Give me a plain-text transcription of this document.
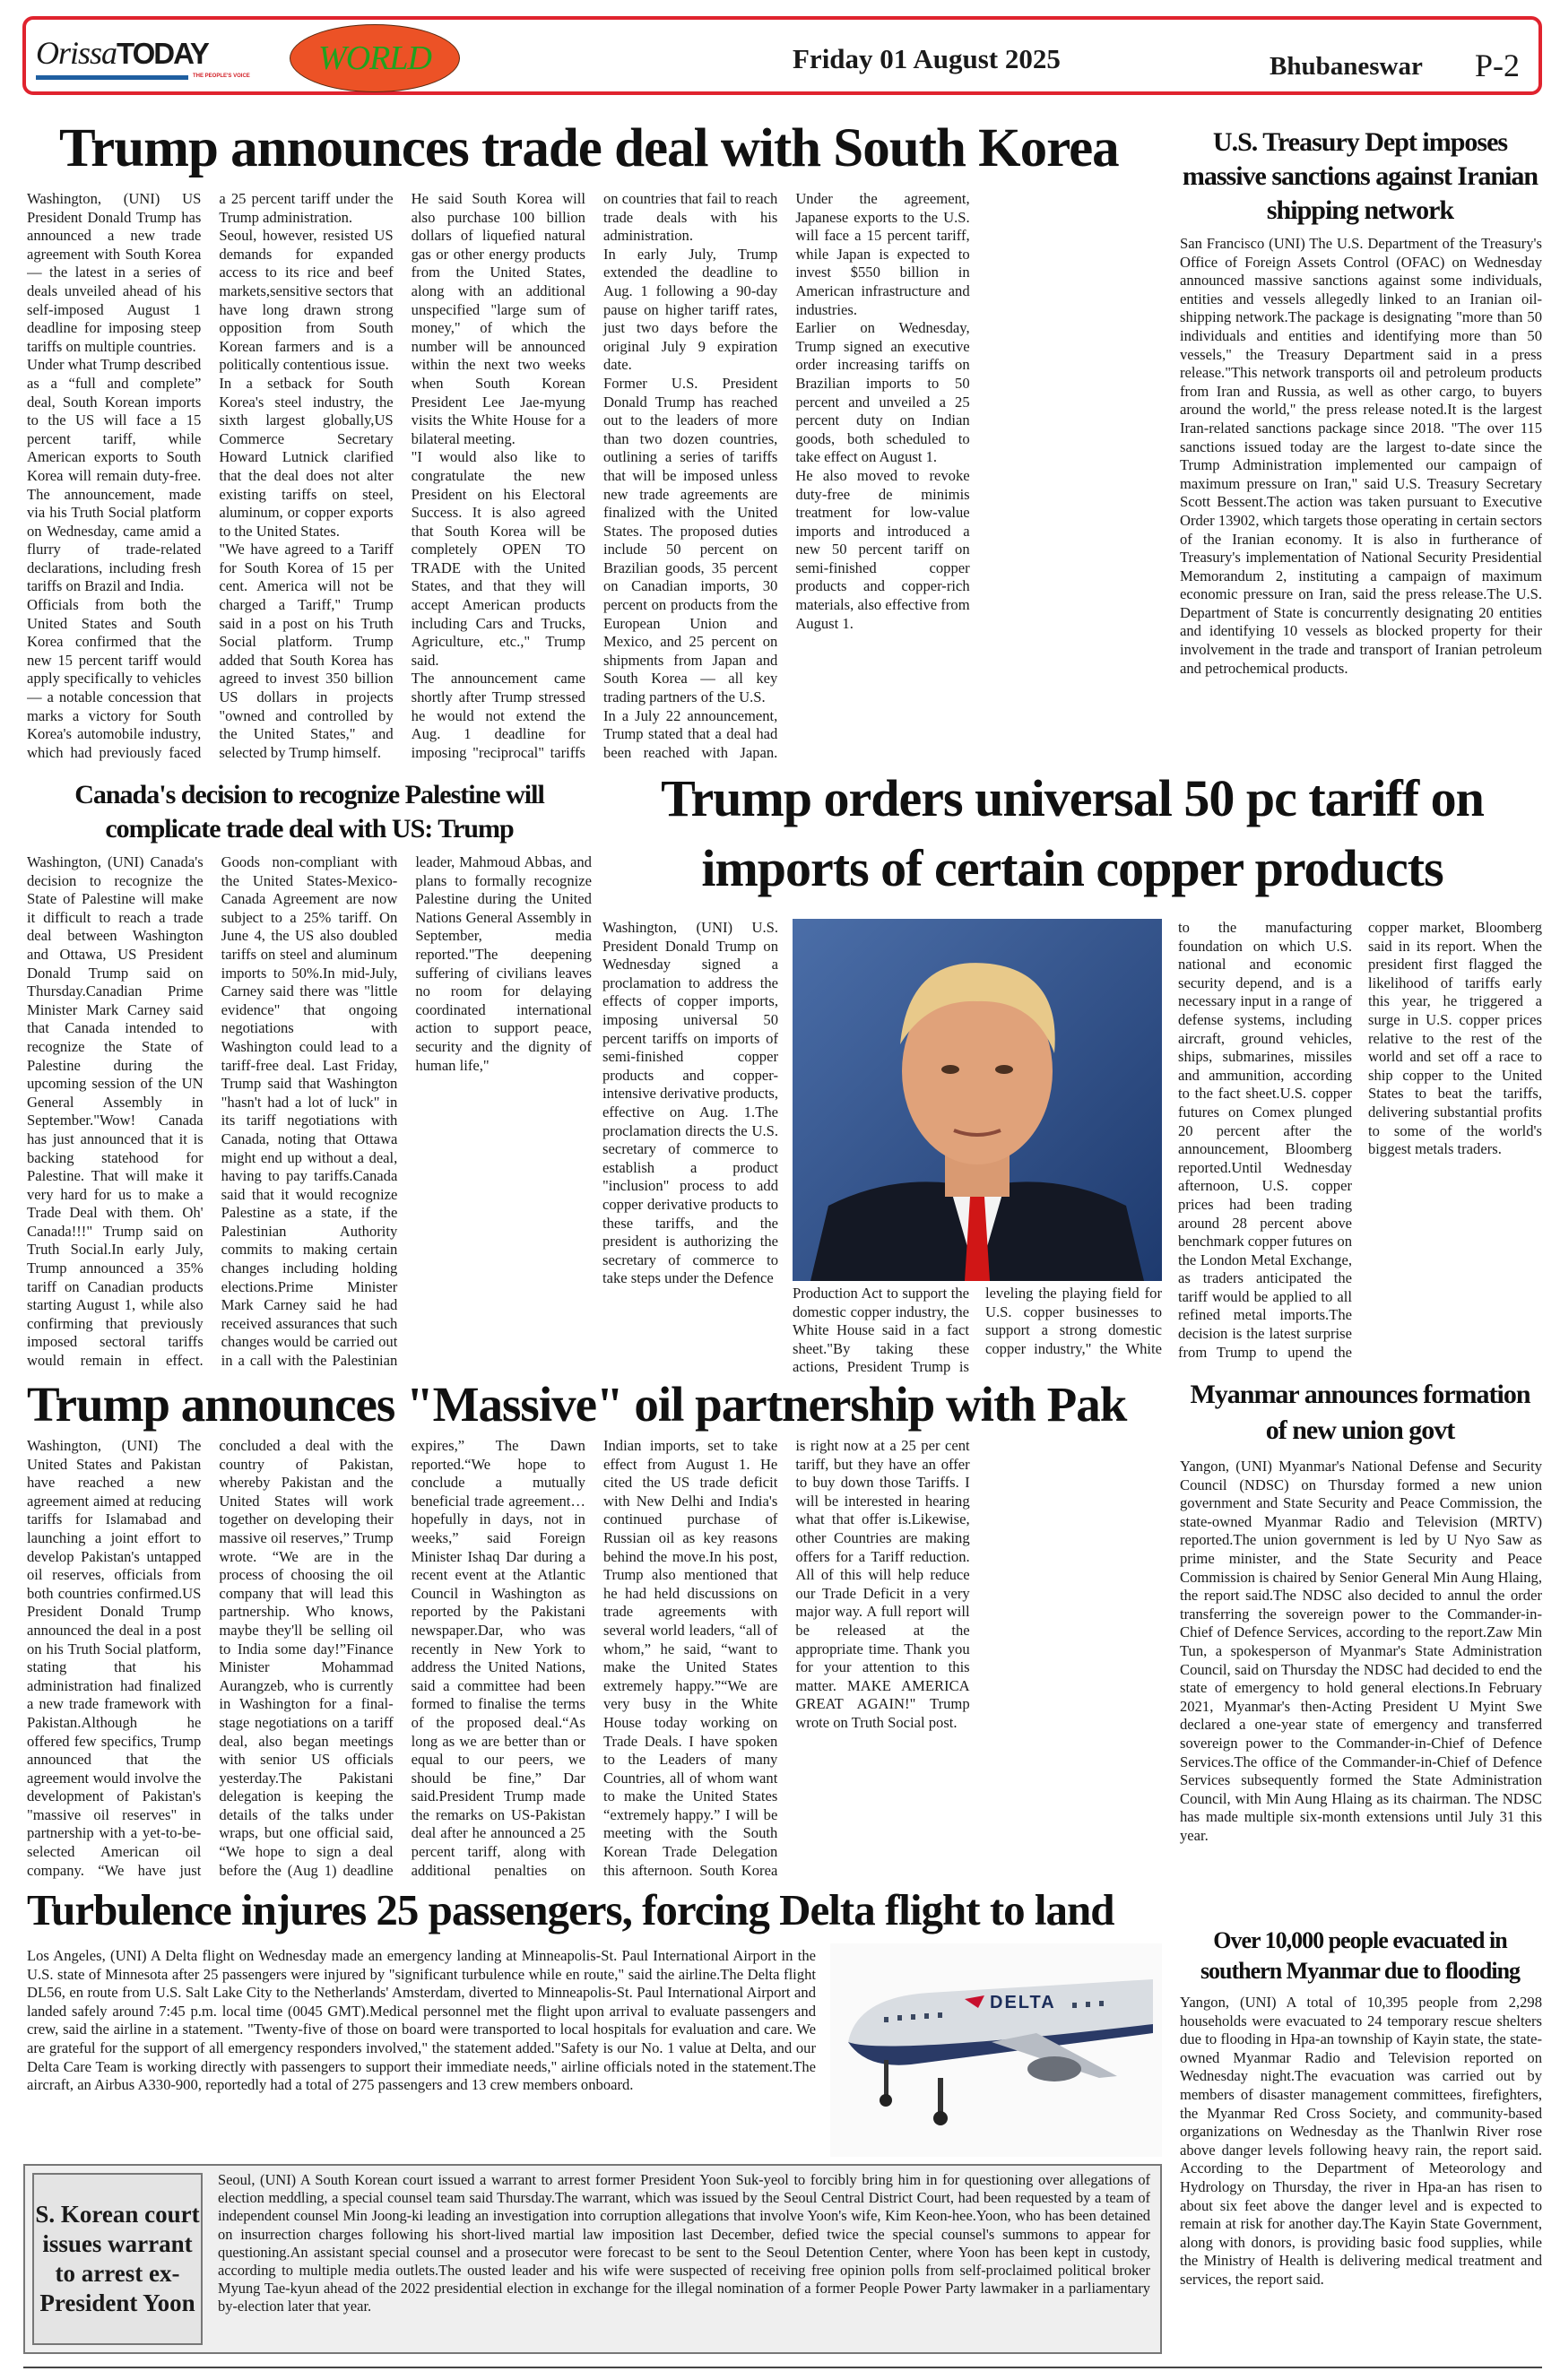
OrissaTODAY
THE PEOPLE'S VOICE WORLD	Friday 01 August 2025	Bhubaneswar P-2
Trump announces trade deal with South Korea

Washington, (UNI) US President Donald Trump has announced a new trade agreement with South Korea — the latest in a series of deals unveiled ahead of his self-imposed August 1 deadline for imposing steep tariffs on multiple countries.

Under what Trump described as a “full and complete” deal, South Korean imports to the US will face a 15 percent tariff, while American exports to South Korea will remain duty-free. The announcement, made via his Truth Social platform on Wednesday, came amid a flurry of trade-related declarations, including fresh tariffs on Brazil and India.

Officials from both the United States and South Korea confirmed that the new 15 percent tariff would apply specifically to vehicles — a notable concession that marks a victory for South Korea's automobile industry, which had previously faced a 25 percent tariff under the Trump administration.

Seoul, however, resisted US demands for expanded access to its rice and beef markets,sensitive sectors that have long drawn strong opposition from South Korean farmers and is a politically contentious issue.

In a setback for South Korea's steel industry, the sixth largest globally,US Commerce Secretary Howard Lutnick clarified that the deal does not alter existing tariffs on steel, aluminum, or copper exports to the United States.

"We have agreed to a Tariff for South Korea of 15 per cent. America will not be charged a Tariff," Trump said in a post on his Truth Social platform. Trump added that South Korea has agreed to invest 350 billion US dollars in projects "owned and controlled by the United States," and selected by Trump himself.

He said South Korea will also purchase 100 billion dollars of liquefied natural gas or other energy products from the United States, along with an additional unspecified "large sum of money," of which the number will be announced within the next two weeks when South Korean President Lee Jae-myung visits the White House for a bilateral meeting.

"I would also like to congratulate the new President on his Electoral Success. It is also agreed that South Korea will be completely OPEN TO TRADE with the United States, and that they will accept American products including Cars and Trucks, Agriculture, etc.," Trump said.

The announcement came shortly after Trump stressed he would not extend the Aug. 1 deadline for imposing "reciprocal" tariffs on countries that fail to reach trade deals with his administration.

In early July, Trump extended the deadline to Aug. 1 following a 90-day pause on higher tariff rates, just two days before the original July 9 expiration date.

Former U.S. President Donald Trump has reached out to the leaders of more than two dozen countries, outlining a series of tariffs that will be imposed unless new trade agreements are finalized with the United States. The proposed duties include 50 percent on Brazilian goods, 35 percent on Canadian imports, 30 percent on products from the European Union and Mexico, and 25 percent on shipments from Japan and South Korea — all key trading partners of the U.S.

In a July 22 announcement, Trump stated that a deal had been reached with Japan. Under the agreement, Japanese exports to the U.S. will face a 15 percent tariff, while Japan is expected to invest $550 billion in American infrastructure and industries.

Earlier on Wednesday, Trump signed an executive order increasing tariffs on Brazilian imports to 50 percent and unveiled a 25 percent duty on Indian goods, both scheduled to take effect on August 1.

He also moved to revoke duty-free de minimis treatment for low-value imports and introduced a new 50 percent tariff on semi-finished copper products and copper-rich materials, also effective from August 1.

U.S. Treasury Dept imposes massive sanctions against Iranian shipping network
San Francisco (UNI) The U.S. Department of the Treasury's Office of Foreign Assets Control (OFAC) on Wednesday announced massive sanctions against some individuals, entities and vessels allegedly linked to an Iranian oil-shipping network.The package is designating "more than 50 individuals and entities and identifying more than 50 vessels," the Treasury Department said in a press release."This network transports oil and petroleum products from Iran and Russia, as well as other cargo, to buyers around the world," the press release noted.It is the largest Iran-related sanctions package since 2018. "The over 115 sanctions issued today are the largest to-date since the Trump Administration implemented our campaign of maximum pressure on Iran," said U.S. Treasury Secretary Scott Bessent.The action was taken pursuant to Executive Order 13902, which targets those operating in certain sectors of the Iranian economy. It is also in furtherance of Treasury's implementation of National Security Presidential Memorandum 2, instituting a campaign of maximum economic pressure on Iran, said the press release.The U.S. Department of State is concurrently designating 20 entities and identifying 10 vessels as blocked property for their involvement in the trade and transport of Iranian petroleum and petrochemical products.
Canada's decision to recognize Palestine will complicate trade deal with US: Trump
Washington, (UNI) Canada's decision to recognize the State of Palestine will make it difficult to reach a trade deal between Washington and Ottawa, US President Donald Trump said on Thursday.Canadian Prime Minister Mark Carney said that Canada intended to recognize the State of Palestine during the upcoming session of the UN General Assembly in September."Wow! Canada has just announced that it is backing statehood for Palestine. That will make it very hard for us to make a Trade Deal with them. Oh' Canada!!!" Trump said on Truth Social.In early July, Trump announced a 35% tariff on Canadian products starting August 1, while also confirming that previously imposed sectoral tariffs would remain in effect. Goods non-compliant with the United States-Mexico-Canada Agreement are now subject to a 25% tariff. On June 4, the US also doubled tariffs on steel and aluminum imports to 50%.In mid-July, Carney said there was "little evidence" that ongoing negotiations with Washington could lead to a tariff-free deal. Last Friday, Trump said that Washington "hasn't had a lot of luck" in its tariff negotiations with Canada, noting that Ottawa might end up without a deal, having to pay tariffs.Canada said that it would recognize Palestine as a state, if the Palestinian Authority commits to making certain changes including holding elections.Prime Minister Mark Carney said he had received assurances that such changes would be carried out in a call with the Palestinian leader, Mahmoud Abbas, and plans to formally recognize Palestine during the United Nations General Assembly in September, media reported."The deepening suffering of civilians leaves no room for delaying coordinated international action to support peace, security and the dignity of human life,"
Trump orders universal 50 pc tariff on imports of certain copper products
Washington, (UNI) U.S. President Donald Trump on Wednesday signed a proclamation to address the effects of copper imports, imposing universal 50 percent tariffs on imports of semi-finished copper products and copper-intensive derivative products, effective on Aug. 1.The proclamation directs the U.S. secretary of commerce to establish a product "inclusion" process to add copper derivative products to these tariffs, and the president is authorizing the secretary of commerce to take steps under the Defence
Production Act to support the domestic copper industry, the White House said in a fact sheet."By taking these actions, President Trump is leveling the playing field for U.S. copper businesses to support a strong domestic copper industry," the White
to the manufacturing foundation on which U.S. national and economic security depend, and is a necessary input in a range of defense systems, including aircraft, ground vehicles, ships, submarines, missiles and ammunition, according to the fact sheet.U.S. copper futures on Comex plunged 20 percent after the announcement, Bloomberg reported.Until Wednesday afternoon, U.S. copper prices had been trading around 28 percent above benchmark copper futures on the London Metal Exchange, as traders anticipated the tariff would be applied to all refined metal imports.The decision is the latest surprise from Trump to upend the copper market, Bloomberg said in its report. When the president first flagged the likelihood of tariffs early this year, he triggered a surge in U.S. copper prices relative to the rest of the world and set off a race to ship copper to the United States to beat the tariffs, delivering substantial profits to some of the world's biggest metals traders.
Trump announces "Massive" oil partnership with Pak
Washington, (UNI) The United States and Pakistan have reached a new agreement aimed at reducing tariffs for Islamabad and launching a joint effort to develop Pakistan's untapped oil reserves, officials from both countries confirmed.US President Donald Trump announced the deal in a post on his Truth Social platform, stating that his administration had finalized a new trade framework with Pakistan.Although he offered few specifics, Trump announced that the agreement would involve the development of Pakistan's "massive oil reserves" in partnership with a yet-to-be-selected American oil company. “We have just concluded a deal with the country of Pakistan, whereby Pakistan and the United States will work together on developing their massive oil reserves,” Trump wrote. “We are in the process of choosing the oil company that will lead this partnership. Who knows, maybe they'll be selling oil to India some day!”Finance Minister Mohammad Aurangzeb, who is currently in Washington for a final-stage negotiations on a tariff deal, also began meetings with senior US officials yesterday.The Pakistani delegation is keeping the details of the talks under wraps, but one official said, “We hope to sign a deal before the (Aug 1) deadline expires,” The Dawn reported.“We hope to conclude a mutually beneficial trade agreement… hopefully in days, not in weeks,” said Foreign Minister Ishaq Dar during a recent event at the Atlantic Council in Washington as reported by the Pakistani newspaper.Dar, who was recently in New York to address the United Nations, said a committee had been formed to finalise the terms of the proposed deal.“As long as we are better than or equal to our peers, we should be fine,” Dar said.President Trump made the remarks on US-Pakistan deal after he announced a 25 percent tariff, along with additional penalties on Indian imports, set to take effect from August 1. He cited the US trade deficit with New Delhi and India's continued purchase of Russian oil as key reasons behind the move.In his post, Trump also mentioned that he had held discussions on trade agreements with several world leaders, “all of whom,” he said, “want to make the United States extremely happy.”“We are very busy in the White House today working on Trade Deals. I have spoken to the Leaders of many Countries, all of whom want to make the United States “extremely happy.” I will be meeting with the South Korean Trade Delegation this afternoon. South Korea is right now at a 25 per cent tariff, but they have an offer to buy down those Tariffs. I will be interested in hearing what that offer is.Likewise, other Countries are making offers for a Tariff reduction. All of this will help reduce our Trade Deficit in a very major way. A full report will be released at the appropriate time. Thank you for your attention to this matter. MAKE AMERICA GREAT AGAIN!" Trump wrote on Truth Social post.
Myanmar announces formation of new union govt
Yangon, (UNI) Myanmar's National Defense and Security Council (NDSC) on Thursday formed a new union government and State Security and Peace Commission, the state-owned Myanmar Radio and Television (MRTV) reported.The union government is led by U Nyo Saw as prime minister, and the State Security and Peace Commission is chaired by Senior General Min Aung Hlaing, the report said.The NDSC also decided to annul the order transferring the sovereign power to the Commander-in-Chief of Defence Services, according to the report.Zaw Min Tun, a spokesperson of Myanmar's State Administration Council, said on Thursday the NDSC had decided to end the state of emergency to hold general elections.In February 2021, Myanmar's then-Acting President U Myint Swe declared a one-year state of emergency and transferred sovereign power to the Commander-in-Chief of Defence Services.The office of the Commander-in-Chief of Defence Services subsequently formed the State Administration Council, with Min Aung Hlaing as its chairman. The NDSC has made multiple six-month extensions until July 31 this year.
Turbulence injures 25 passengers, forcing Delta flight to land
Los Angeles, (UNI) A Delta flight on Wednesday made an emergency landing at Minneapolis-St. Paul International Airport in the U.S. state of Minnesota after 25 passengers were injured by "significant turbulence while en route," said the airline.The Delta flight DL56, en route from U.S. Salt Lake City to the Netherlands' Amsterdam, diverted to Minneapolis-St. Paul International Airport and landed safely around 7:45 p.m. local time (0045 GMT).Medical personnel met the flight upon arrival to evaluate passengers and crew, said the airline in a statement. "Twenty-five of those on board were transported to local hospitals for evaluation and care. We are grateful for the support of all emergency responders involved," the statement added."Safety is our No. 1 value at Delta, and our Delta Care Team is working directly with passengers to support their immediate needs," airline officials noted in the statement.The aircraft, an Airbus A330-900, reportedly had a total of 275 passengers and 13 crew members onboard.
DELTA
Over 10,000 people evacuated in southern Myanmar due to flooding
Yangon, (UNI) A total of 10,395 people from 2,298 households were evacuated to 24 temporary rescue shelters due to flooding in Hpa-an township of Kayin state, the state-owned Myanmar Radio and Television reported on Wednesday night.The evacuation was carried out by members of disaster management committees, firefighters, the Myanmar Red Cross Society, and community-based organizations on Wednesday as the Thanlwin River rose above danger levels following heavy rain, the report said. According to the Department of Meteorology and Hydrology on Thursday, the river in Hpa-an has risen to about six feet above the danger level and is expected to remain at risk for another day.The Kayin State Government, along with donors, is providing basic food supplies, while the Ministry of Health is delivering medical treatment and services, the report said.
S. Korean court issues warrant to arrest ex-President Yoon
Seoul, (UNI) A South Korean court issued a warrant to arrest former President Yoon Suk-yeol to forcibly bring him in for questioning over allegations of election meddling, a special counsel team said Thursday.The warrant, which was issued by the Seoul Central District Court, had been requested by a team of independent counsel Min Joong-ki leading an investigation into corruption allegations that involve Yoon's wife, Kim Keon-hee.Yoon, who has been detained on insurrection charges following his short-lived martial law imposition last December, defied twice the special counsel's summons to appear for questioning.An assistant special counsel and a prosecutor were forecast to be sent to the Seoul Detention Center, where Yoon has been kept in custody, according to multiple media outlets.The ousted leader and his wife were suspected of receiving free opinion polls from self-proclaimed political broker Myung Tae-kyun ahead of the 2022 presidential election in exchange for the illegal nomination of a former People Power Party lawmaker in a parliamentary by-election later that year.
